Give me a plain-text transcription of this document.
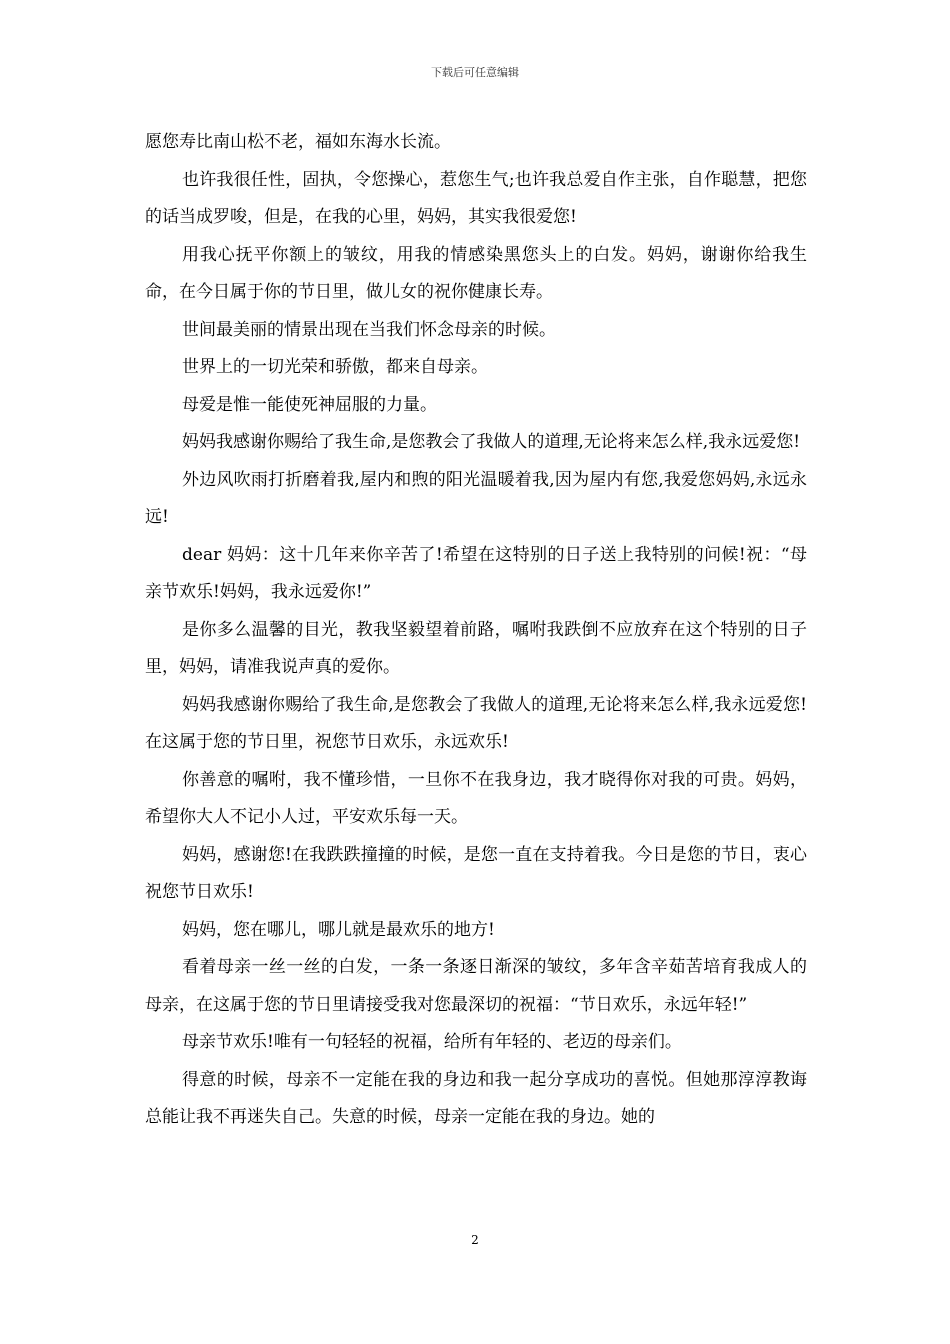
下载后可任意编辑

愿您寿比南山松不老，福如东海水长流。

也许我很任性，固执，令您操心，惹您生气;也许我总爱自作主张，自作聪慧，把您的话当成罗唆，但是，在我的心里，妈妈，其实我很爱您!

用我心抚平你额上的皱纹，用我的情感染黑您头上的白发。妈妈，谢谢你给我生命，在今日属于你的节日里，做儿女的祝你健康长寿。

世间最美丽的情景出现在当我们怀念母亲的时候。

世界上的一切光荣和骄傲，都来自母亲。

母爱是惟一能使死神屈服的力量。

妈妈我感谢你赐给了我生命,是您教会了我做人的道理,无论将来怎么样,我永远爱您!

外边风吹雨打折磨着我,屋内和煦的阳光温暖着我,因为屋内有您,我爱您妈妈,永远永远!

dear 妈妈：这十几年来你辛苦了!希望在这特别的日子送上我特别的问候!祝：“母亲节欢乐!妈妈，我永远爱你!”

是你多么温馨的目光，教我坚毅望着前路，嘱咐我跌倒不应放弃在这个特别的日子里，妈妈，请准我说声真的爱你。

妈妈我感谢你赐给了我生命,是您教会了我做人的道理,无论将来怎么样,我永远爱您!在这属于您的节日里，祝您节日欢乐，永远欢乐!

你善意的嘱咐，我不懂珍惜，一旦你不在我身边，我才晓得你对我的可贵。妈妈，希望你大人不记小人过，平安欢乐每一天。

妈妈，感谢您!在我跌跌撞撞的时候，是您一直在支持着我。今日是您的节日，衷心祝您节日欢乐!

妈妈，您在哪儿，哪儿就是最欢乐的地方!

看着母亲一丝一丝的白发，一条一条逐日渐深的皱纹，多年含辛茹苦培育我成人的母亲，在这属于您的节日里请接受我对您最深切的祝福：“节日欢乐，永远年轻!”

母亲节欢乐!唯有一句轻轻的祝福，给所有年轻的、老迈的母亲们。

得意的时候，母亲不一定能在我的身边和我一起分享成功的喜悦。但她那淳淳教诲总能让我不再迷失自己。失意的时候，母亲一定能在我的身边。她的

2
